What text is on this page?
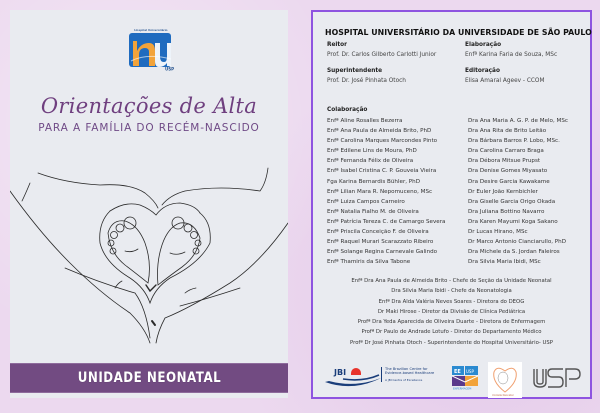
Hospital Universitário
USP
Orientações de Alta
PARA A FAMÍLIA DO RECÉM-NASCIDO
UNIDADE NEONATAL
HOSPITAL UNIVERSITÁRIO DA UNIVERSIDADE DE SÃO PAULO
Reitor
Prof. Dr. Carlos Gilberto Carlotti Junior
Elaboração
Enfª Karina Faria de Souza, MSc
Superintendente
Prof. Dr. José Pinhata Otoch
Editoração
Elisa Amaral Ageev - CCOM
Colaboração
Enfª Aline Rosalles Bezerra
Enfª Ana Paula de Almeida Brito, PhD
Enfª Carolina Marques Marcondes Pinto
Enfª Edilene Lins de Moura, PhD
Enfª Fernanda Félix de Oliveira
Enfª Isabel Cristina C. P. Gouveia Vieira
Fga Karina Bernardis Bühler, PhD
Enfª Lilian Mara R. Nepomuceno, MSc
Enfª Luiza Campos Carneiro
Enfª Natalia Fialho M. de Oliveira
Enfª Patrícia Tereza C. de Camargo Severa
Enfª Priscila Conceição F. de Oliveira
Enfª Raquel Murari Scarazzato Ribeiro
Enfª Solange Regina Carnevale Galindo
Enfª Thamiris da Silva Tabone
Dra Ana Maria A. G. P. de Melo, MSc
Dra Ana Rita de Brito Leitão
Dra Bárbara Barros P. Lobo, MSc.
Dra Carolina Carraro Braga
Dra Débora Mitsue Prupst
Dra Denise Gomes Miyasato
Dra Desire Garcia Kawakame
Dr Euler João Kernbichler
Dra Giselle Garcia Origo Okada
Dra Juliana Bottino Navarro
Dra Karen Mayumi Koga Sakano
Dr Lucas Hirano, MSc
Dr Marco Antonio Cianciarullo, PhD
Dra Michele da S. Jordan Faleiros
Dra Silvia Maria Ibidi, MSc
Enfª Dra Ana Paula de Almeida Brito - Chefe de Seção da Unidade Neonatal
Dra Silvia Maria Ibidi - Chefe da Neonatologia
Enfª Dra Alda Valéria Neves Soares - Diretora do DEOG
Dr Maki Hirose - Diretor da Divisão de Clínica Pediátrica
Profª Dra Yeda Aparecida de Oliveira Duarte - Diretora de Enfermagem
Profª Dr Paulo de Andrade Lotufo - Diretor do Departamento Médico
Profª Dr José Pinhata Otoch - Superintendente do Hospital Universitário- USP
JBI	The Brazilian Centre for
Evidence-based Healthcare
A JBI Centre of Excellence
EE USP
ENFERMAGEM
Unidade Neonatal
USP
